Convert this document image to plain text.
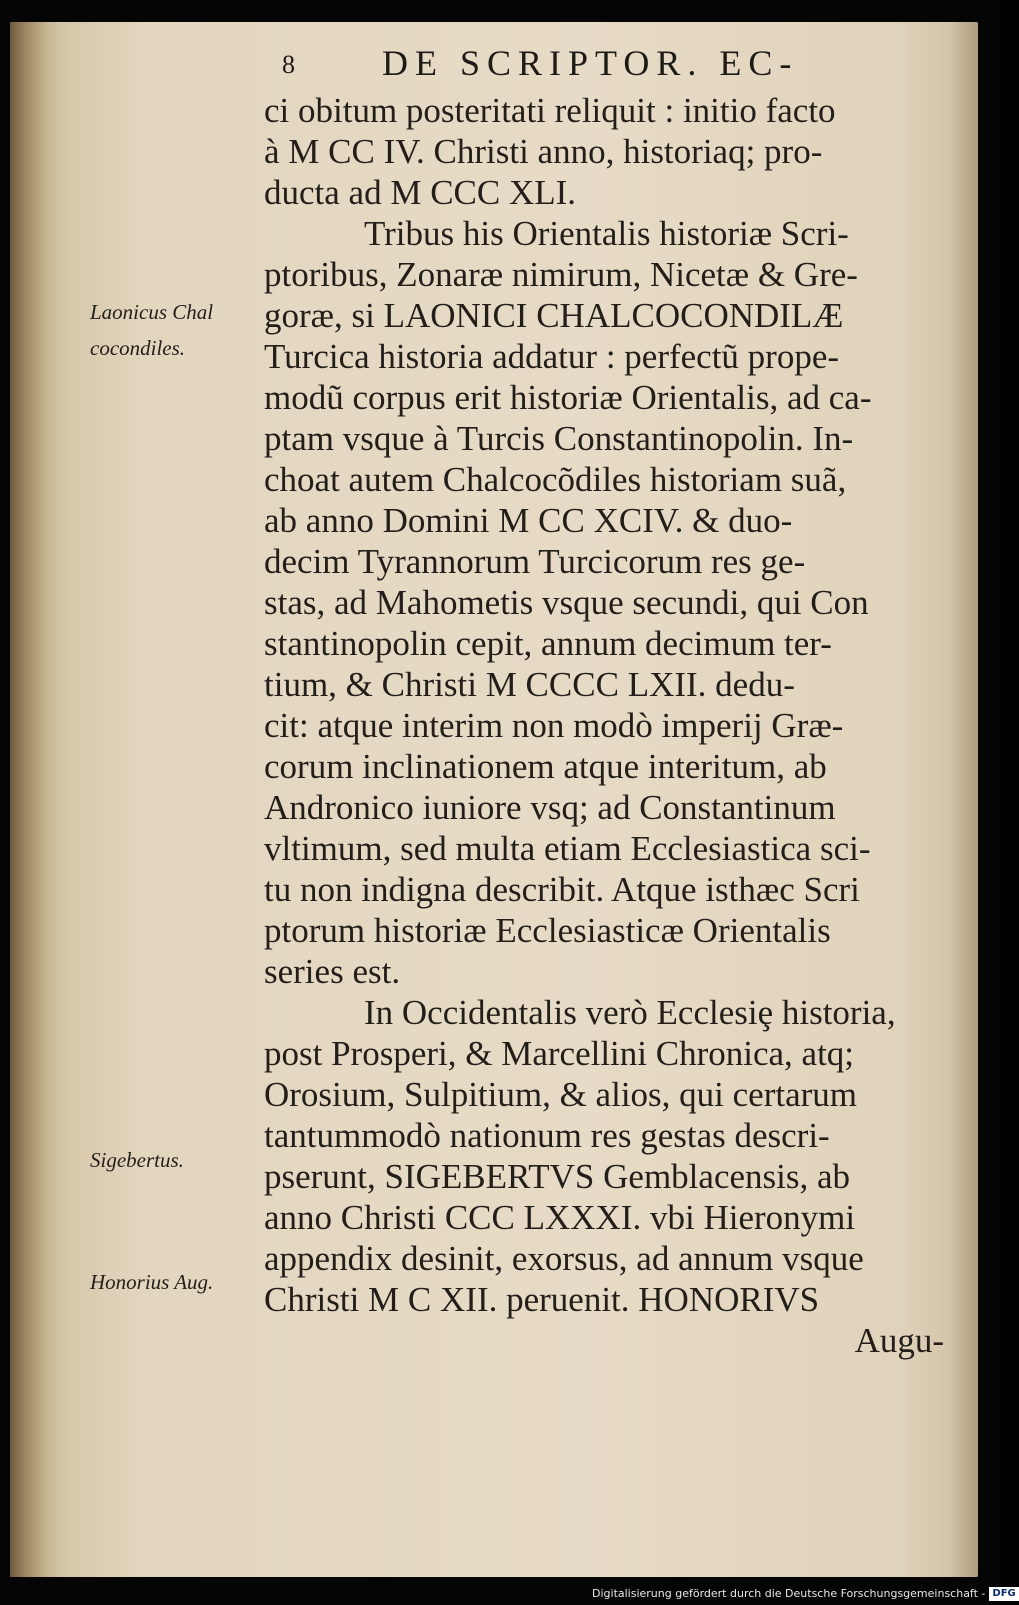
8 DE SCRIPTOR. EC-
Laonicus Chal
cocondiles.
Sigebertus.
Honorius Aug.
ci obitum posteritati reliquit : initio facto
à M CC IV. Christi anno, historiaq; pro-
ducta ad M CCC XLI.
Tribus his Orientalis historiæ Scri-
ptoribus, Zonaræ nimirum, Nicetæ & Gre-
goræ, si LAONICI CHALCOCONDILÆ
Turcica historia addatur : perfectũ prope-
modũ corpus erit historiæ Orientalis, ad ca-
ptam vsque à Turcis Constantinopolin. In-
choat autem Chalcocõdiles historiam suã,
ab anno Domini M CC XCIV. & duo-
decim Tyrannorum Turcicorum res ge-
stas, ad Mahometis vsque secundi, qui Con
stantinopolin cepit, annum decimum ter-
tium, & Christi M CCCC LXII. dedu-
cit: atque interim non modò imperij Græ-
corum inclinationem atque interitum, ab
Andronico iuniore vsq; ad Constantinum
vltimum, sed multa etiam Ecclesiastica sci-
tu non indigna describit. Atque isthæc Scri
ptorum historiæ Ecclesiasticæ Orientalis
series est.
In Occidentalis verò Ecclesiȩ historia,
post Prosperi, & Marcellini Chronica, atq;
Orosium, Sulpitium, & alios, qui certarum
tantummodò nationum res gestas descri-
pserunt, SIGEBERTVS Gemblacensis, ab
anno Christi CCC LXXXI. vbi Hieronymi
appendix desinit, exorsus, ad annum vsque
Christi M C XII. peruenit. HONORIVS
Augu-
Digitalisierung gefördert durch die Deutsche Forschungsgemeinschaft - DFG
